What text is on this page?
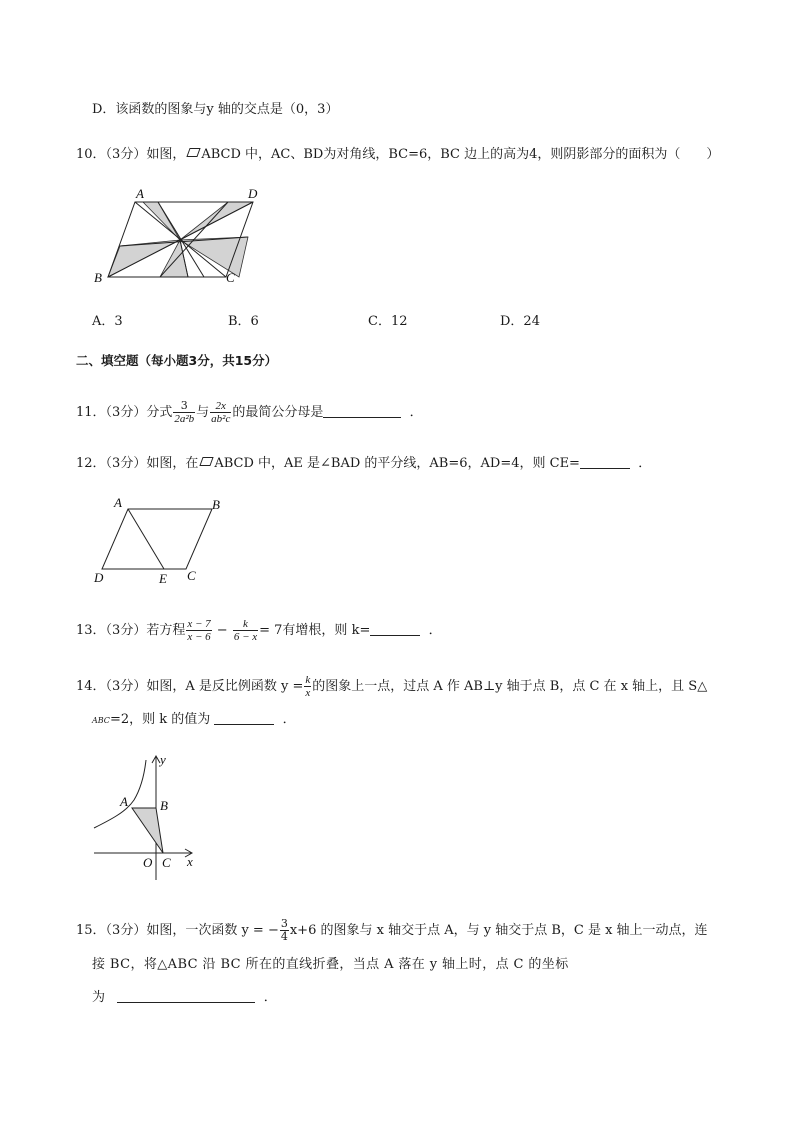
D．该函数的图象与y 轴的交点是（0，3）
10．（3分）如图， ABCD 中，AC、BD为对角线，BC=6，BC 边上的高为4，则阴影部分的面积为（　　）
A	D
B	C
A．3	B．6	C．12	D．24
二、填空题（每小题3分，共15分）
11．（3分）分式 $\frac{3}{\text{2a²b}}$ 与 $\frac{2x}{\text{ab²c}}$ 的最简公分母是	．
12．（3分）如图，在 ABCD 中，AE 是∠BAD 的平分线，AB=6，AD=4，则 CE=	．
A	B
D	E C
13．（3分）若方程 $\frac{x - 7}{x - 6} - \frac{k}{6 - x} = 7$有增根，则 k=	．
14．（3分）如图，A 是反比例函数 $y = \frac{k}{x}$ 的图象上一点，过点 A 作 AB⊥y 轴于点 B，点 C 在 x 轴上，且 S△
ABC=2，则 k 的值为	．
y
A B
O C x
15．（3分）如图，一次函数 y = − $\frac{3}{4} x+6$ 的图象与 x 轴交于点 A，与 y 轴交于点 B，C 是 x 轴上一动点，连
接 BC，将△ABC 沿 BC 所在的直线折叠，当点 A 落在 y 轴上时，点 C 的坐标
为	．
